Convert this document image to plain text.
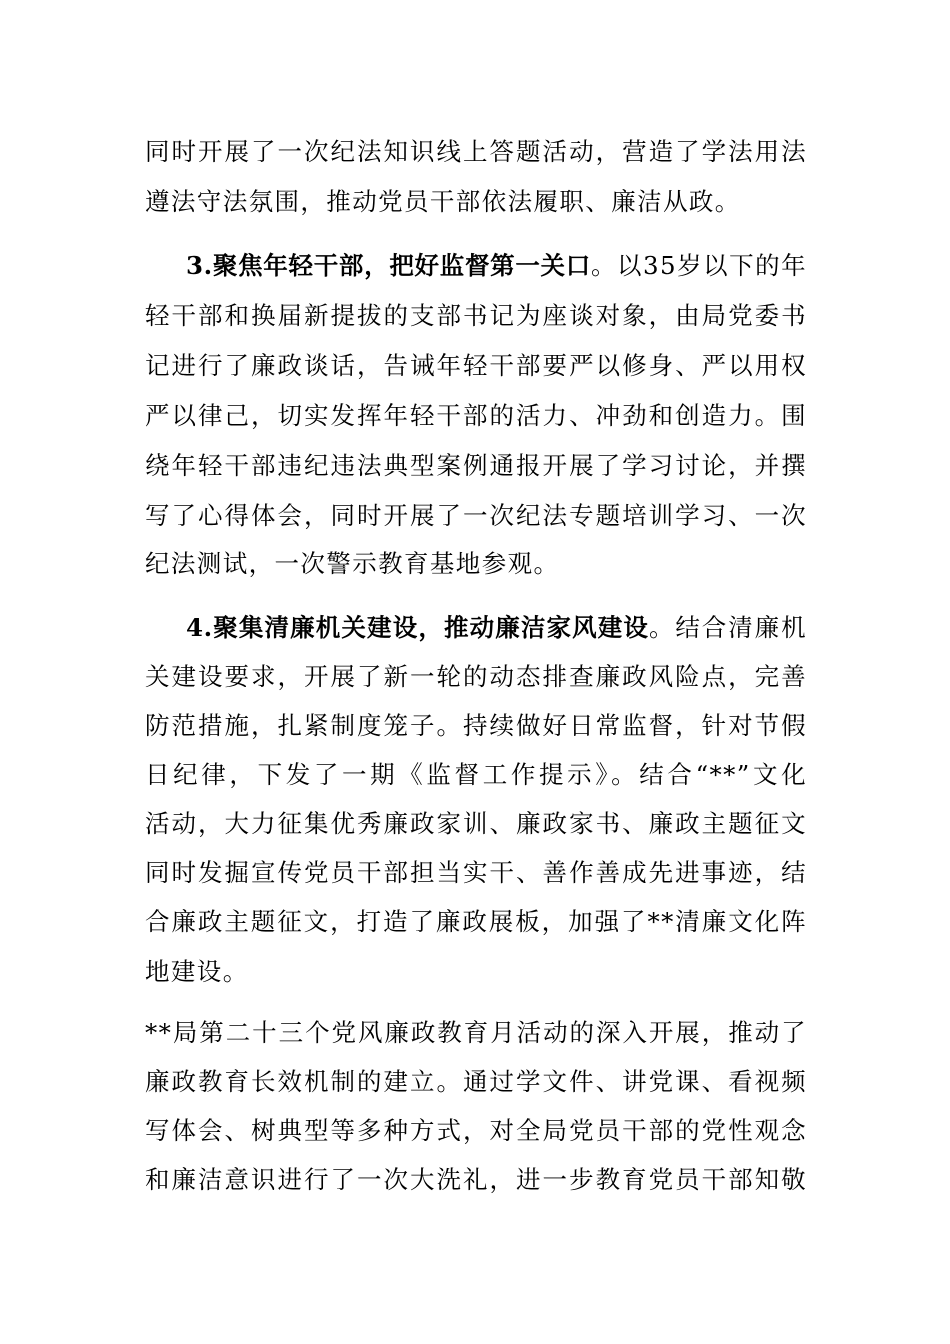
同时开展了一次纪法知识线上答题活动，营造了学法用法
遵法守法氛围，推动党员干部依法履职、廉洁从政。
3.聚焦年轻干部，把好监督第一关口。以35岁以下的年
轻干部和换届新提拔的支部书记为座谈对象，由局党委书
记进行了廉政谈话，告诫年轻干部要严以修身、严以用权
严以律己，切实发挥年轻干部的活力、冲劲和创造力。围
绕年轻干部违纪违法典型案例通报开展了学习讨论，并撰
写了心得体会，同时开展了一次纪法专题培训学习、一次
纪法测试，一次警示教育基地参观。
4.聚集清廉机关建设，推动廉洁家风建设。结合清廉机
关建设要求，开展了新一轮的动态排查廉政风险点，完善
防范措施，扎紧制度笼子。持续做好日常监督，针对节假
日纪律，下发了一期《监督工作提示》。结合“**”文化
活动，大力征集优秀廉政家训、廉政家书、廉政主题征文
同时发掘宣传党员干部担当实干、善作善成先进事迹，结
合廉政主题征文，打造了廉政展板，加强了**清廉文化阵
地建设。
**局第二十三个党风廉政教育月活动的深入开展，推动了
廉政教育长效机制的建立。通过学文件、讲党课、看视频
写体会、树典型等多种方式，对全局党员干部的党性观念
和廉洁意识进行了一次大洗礼，进一步教育党员干部知敬
